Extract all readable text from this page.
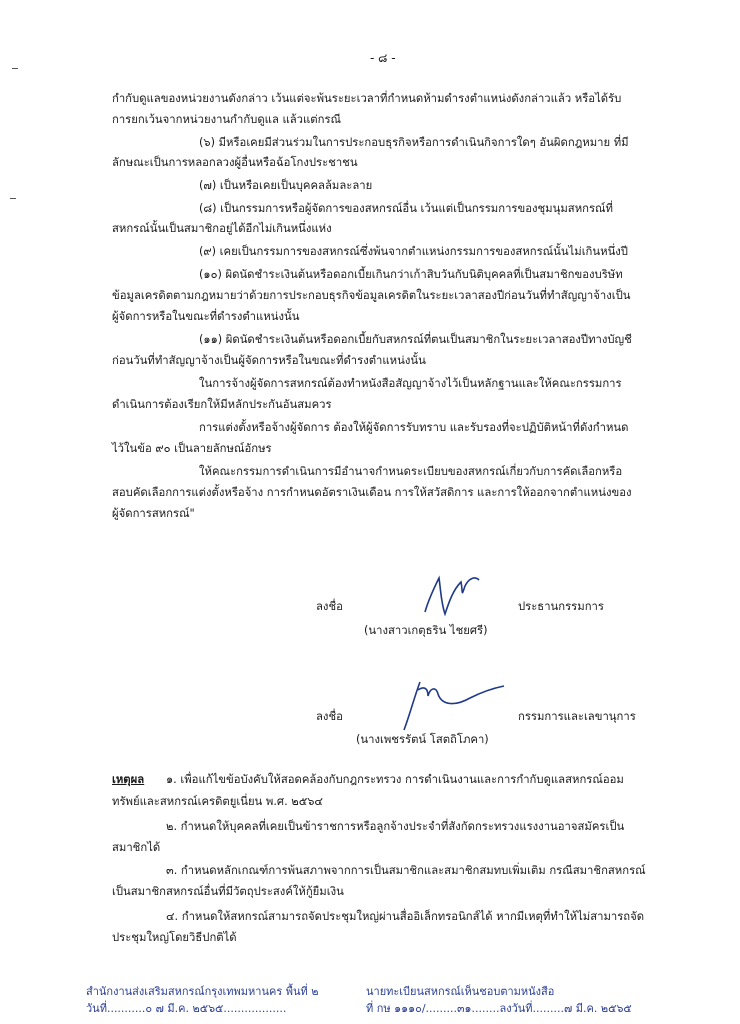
- ๘ -
กำกับดูแลของหน่วยงานดังกล่าว เว้นแต่จะพ้นระยะเวลาที่กำหนดห้ามดำรงตำแหน่งดังกล่าวแล้ว หรือได้รับ
การยกเว้นจากหน่วยงานกำกับดูแล แล้วแต่กรณี
(๖) มีหรือเคยมีส่วนร่วมในการประกอบธุรกิจหรือการดำเนินกิจการใดๆ อันผิดกฎหมาย ที่มี
ลักษณะเป็นการหลอกลวงผู้อื่นหรือฉ้อโกงประชาชน
(๗) เป็นหรือเคยเป็นบุคคลล้มละลาย
(๘) เป็นกรรมการหรือผู้จัดการของสหกรณ์อื่น เว้นแต่เป็นกรรมการของชุมนุมสหกรณ์ที่
สหกรณ์นั้นเป็นสมาชิกอยู่ได้อีกไม่เกินหนึ่งแห่ง
(๙) เคยเป็นกรรมการของสหกรณ์ซึ่งพ้นจากตำแหน่งกรรมการของสหกรณ์นั้นไม่เกินหนึ่งปี
(๑๐) ผิดนัดชำระเงินต้นหรือดอกเบี้ยเกินกว่าเก้าสิบวันกับนิติบุคคลที่เป็นสมาชิกของบริษัท
ข้อมูลเครดิตตามกฎหมายว่าด้วยการประกอบธุรกิจข้อมูลเครดิตในระยะเวลาสองปีก่อนวันที่ทำสัญญาจ้างเป็น
ผู้จัดการหรือในขณะที่ดำรงตำแหน่งนั้น
(๑๑) ผิดนัดชำระเงินต้นหรือดอกเบี้ยกับสหกรณ์ที่ตนเป็นสมาชิกในระยะเวลาสองปีทางบัญชี
ก่อนวันที่ทำสัญญาจ้างเป็นผู้จัดการหรือในขณะที่ดำรงตำแหน่งนั้น
ในการจ้างผู้จัดการสหกรณ์ต้องทำหนังสือสัญญาจ้างไว้เป็นหลักฐานและให้คณะกรรมการ
ดำเนินการต้องเรียกให้มีหลักประกันอันสมควร
การแต่งตั้งหรือจ้างผู้จัดการ ต้องให้ผู้จัดการรับทราบ และรับรองที่จะปฏิบัติหน้าที่ดังกำหนด
ไว้ในข้อ ๙๐ เป็นลายลักษณ์อักษร
ให้คณะกรรมการดำเนินการมีอำนาจกำหนดระเบียบของสหกรณ์เกี่ยวกับการคัดเลือกหรือ
สอบคัดเลือกการแต่งตั้งหรือจ้าง การกำหนดอัตราเงินเดือน การให้สวัสดิการ และการให้ออกจากตำแหน่งของ
ผู้จัดการสหกรณ์"
ลงชื่อ	ประธานกรรมการ
(นางสาวเกตุธริน ไชยศรี)
ลงชื่อ	กรรมการและเลขานุการ
(นางเพชรรัตน์ โสตถิโภคา)
เหตุผล ๑. เพื่อแก้ไขข้อบังคับให้สอดคล้องกับกฎกระทรวง การดำเนินงานและการกำกับดูแลสหกรณ์ออม
ทรัพย์และสหกรณ์เครดิตยูเนี่ยน พ.ศ. ๒๕๖๔
๒. กำหนดให้บุคคลที่เคยเป็นข้าราชการหรือลูกจ้างประจำที่สังกัดกระทรวงแรงงานอาจสมัครเป็น
สมาชิกได้
๓. กำหนดหลักเกณฑ์การพ้นสภาพจากการเป็นสมาชิกและสมาชิกสมทบเพิ่มเติม กรณีสมาชิกสหกรณ์
เป็นสมาชิกสหกรณ์อื่นที่มีวัตถุประสงค์ให้กู้ยืมเงิน
๔. กำหนดให้สหกรณ์สามารถจัดประชุมใหญ่ผ่านสื่ออิเล็กทรอนิกส์ได้ หากมีเหตุที่ทำให้ไม่สามารถจัด
ประชุมใหญ่โดยวิธีปกติได้
สำนักงานส่งเสริมสหกรณ์กรุงเทพมหานคร พื้นที่ ๒
วันที่...........๐ ๗ มี.ค. ๒๕๖๕..................
นายทะเบียนสหกรณ์เห็นชอบตามหนังสือ
ที่ กษ ๑๑๑๐/.........๓๑........ลงวันที่.........๗ มี.ค. ๒๕๖๕
